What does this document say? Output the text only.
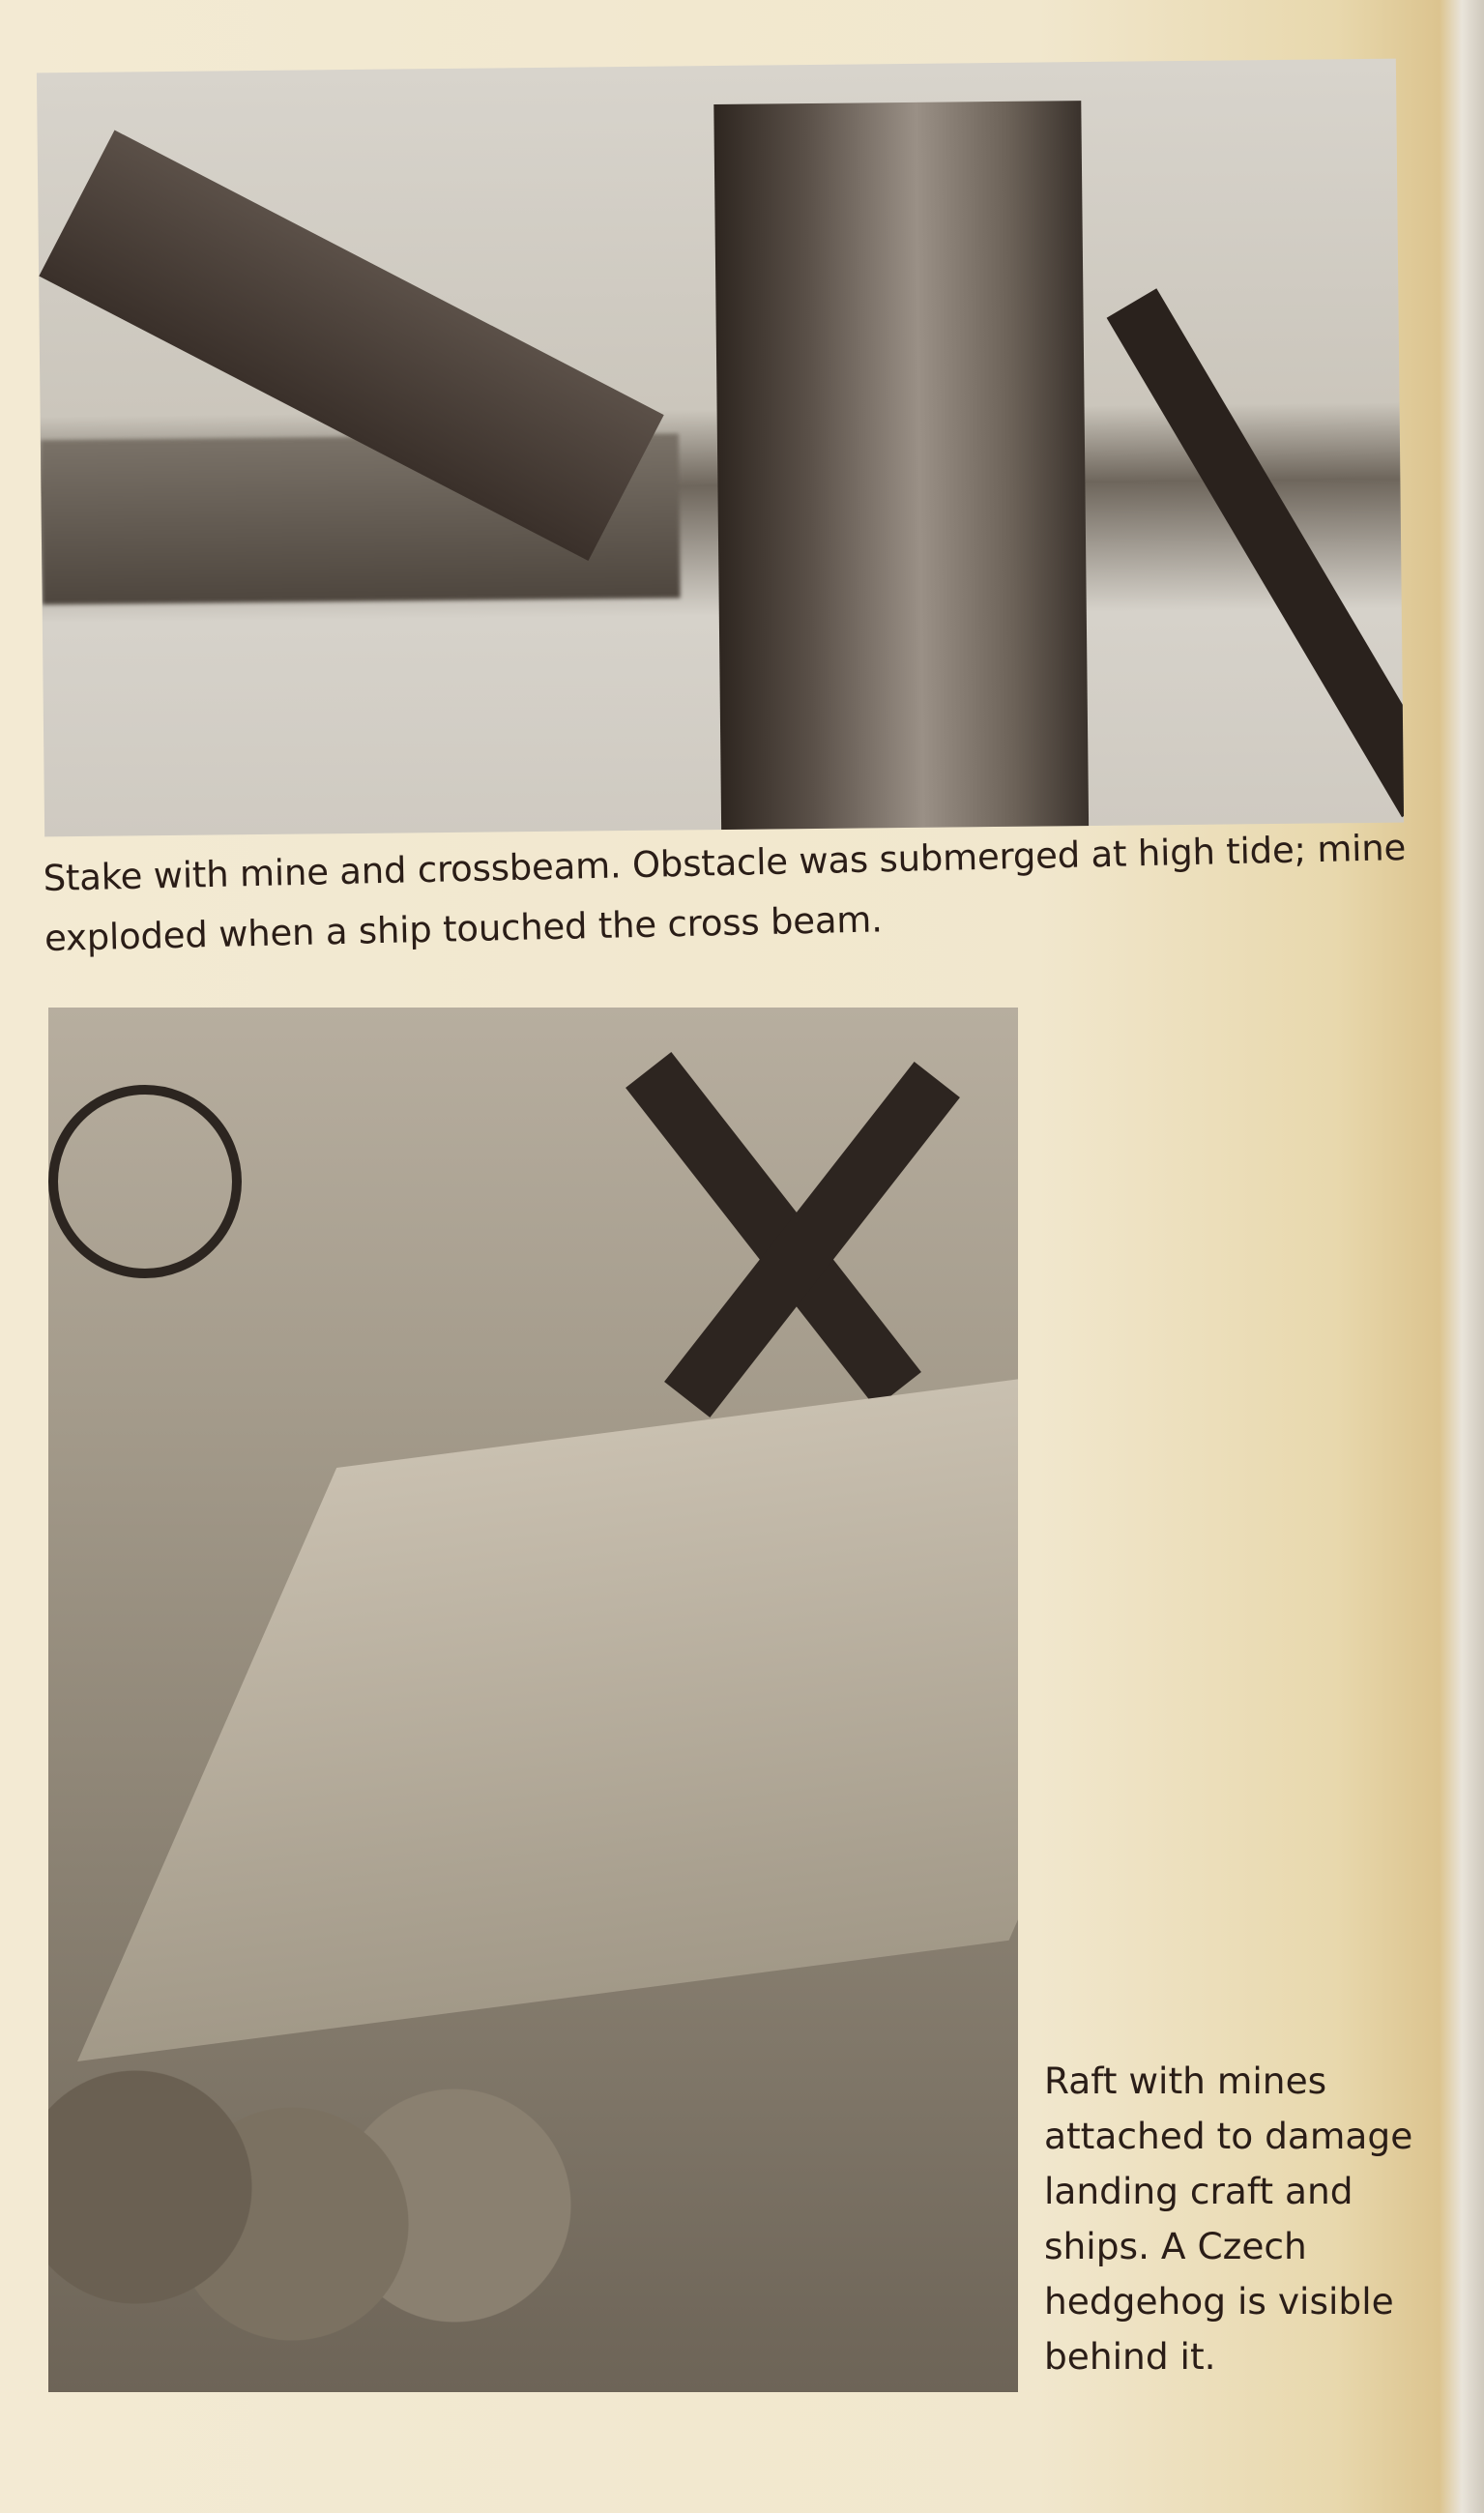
Stake with mine and crossbeam. Obstacle was submerged at high tide; mine exploded when a ship touched the cross beam.

Raft with mines attached to damage landing craft and ships. A Czech hedgehog is visible behind it.
